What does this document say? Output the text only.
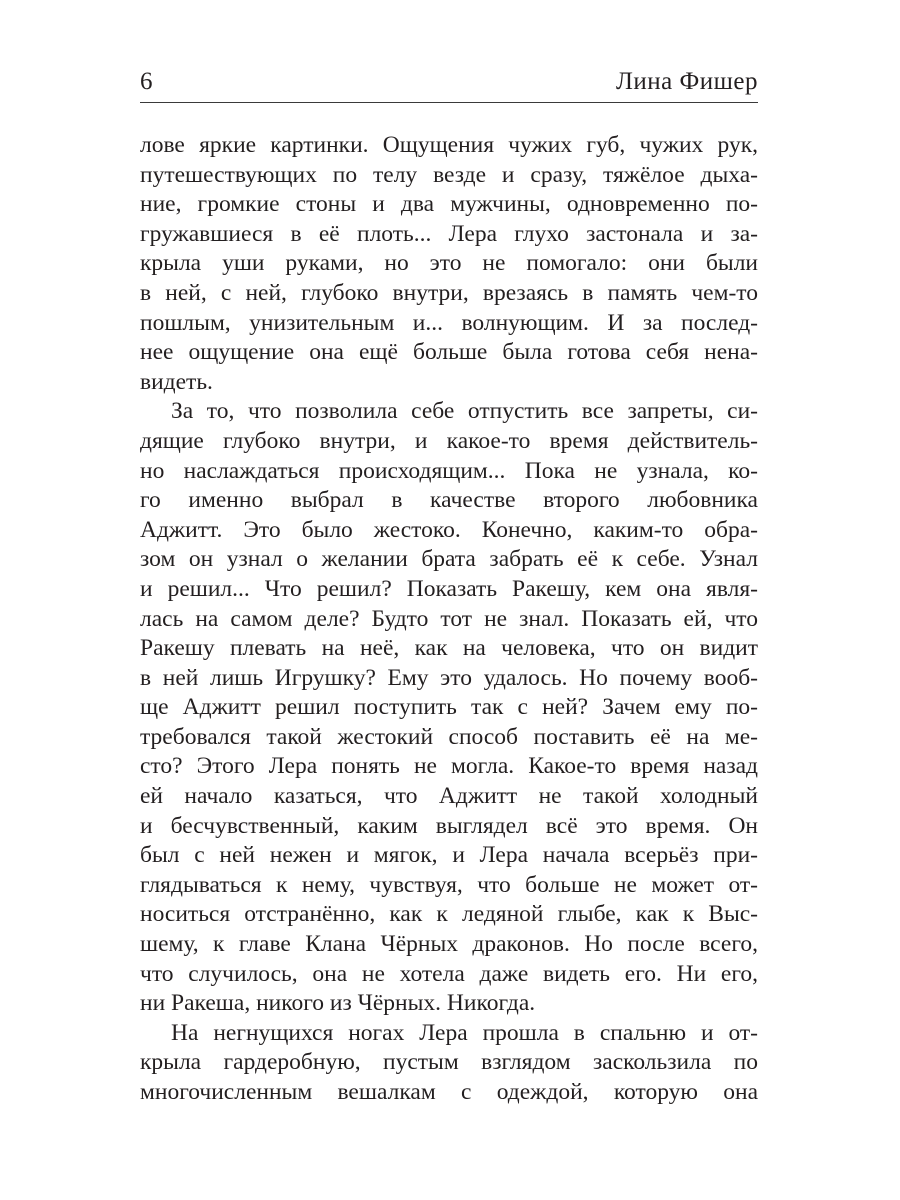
6	Лина Фишер
лове яркие картинки. Ощущения чужих губ, чужих рук,
путешествующих по телу везде и сразу, тяжёлое дыха-
ние, громкие стоны и два мужчины, одновременно по-
гружавшиеся в её плоть... Лера глухо застонала и за-
крыла уши руками, но это не помогало: они были
в ней, с ней, глубоко внутри, врезаясь в память чем-то
пошлым, унизительным и... волнующим. И за послед-
нее ощущение она ещё больше была готова себя нена-
видеть.
За то, что позволила себе отпустить все запреты, си-
дящие глубоко внутри, и какое-то время действитель-
но наслаждаться происходящим... Пока не узнала, ко-
го именно выбрал в качестве второго любовника
Аджитт. Это было жестоко. Конечно, каким-то обра-
зом он узнал о желании брата забрать её к себе. Узнал
и решил... Что решил? Показать Ракешу, кем она явля-
лась на самом деле? Будто тот не знал. Показать ей, что
Ракешу плевать на неё, как на человека, что он видит
в ней лишь Игрушку? Ему это удалось. Но почему вооб-
ще Аджитт решил поступить так с ней? Зачем ему по-
требовался такой жестокий способ поставить её на ме-
сто? Этого Лера понять не могла. Какое-то время назад
ей начало казаться, что Аджитт не такой холодный
и бесчувственный, каким выглядел всё это время. Он
был с ней нежен и мягок, и Лера начала всерьёз при-
глядываться к нему, чувствуя, что больше не может от-
носиться отстранённо, как к ледяной глыбе, как к Выс-
шему, к главе Клана Чёрных драконов. Но после всего,
что случилось, она не хотела даже видеть его. Ни его,
ни Ракеша, никого из Чёрных. Никогда.
На негнущихся ногах Лера прошла в спальню и от-
крыла гардеробную, пустым взглядом заскользила по
многочисленным вешалкам с одеждой, которую она
